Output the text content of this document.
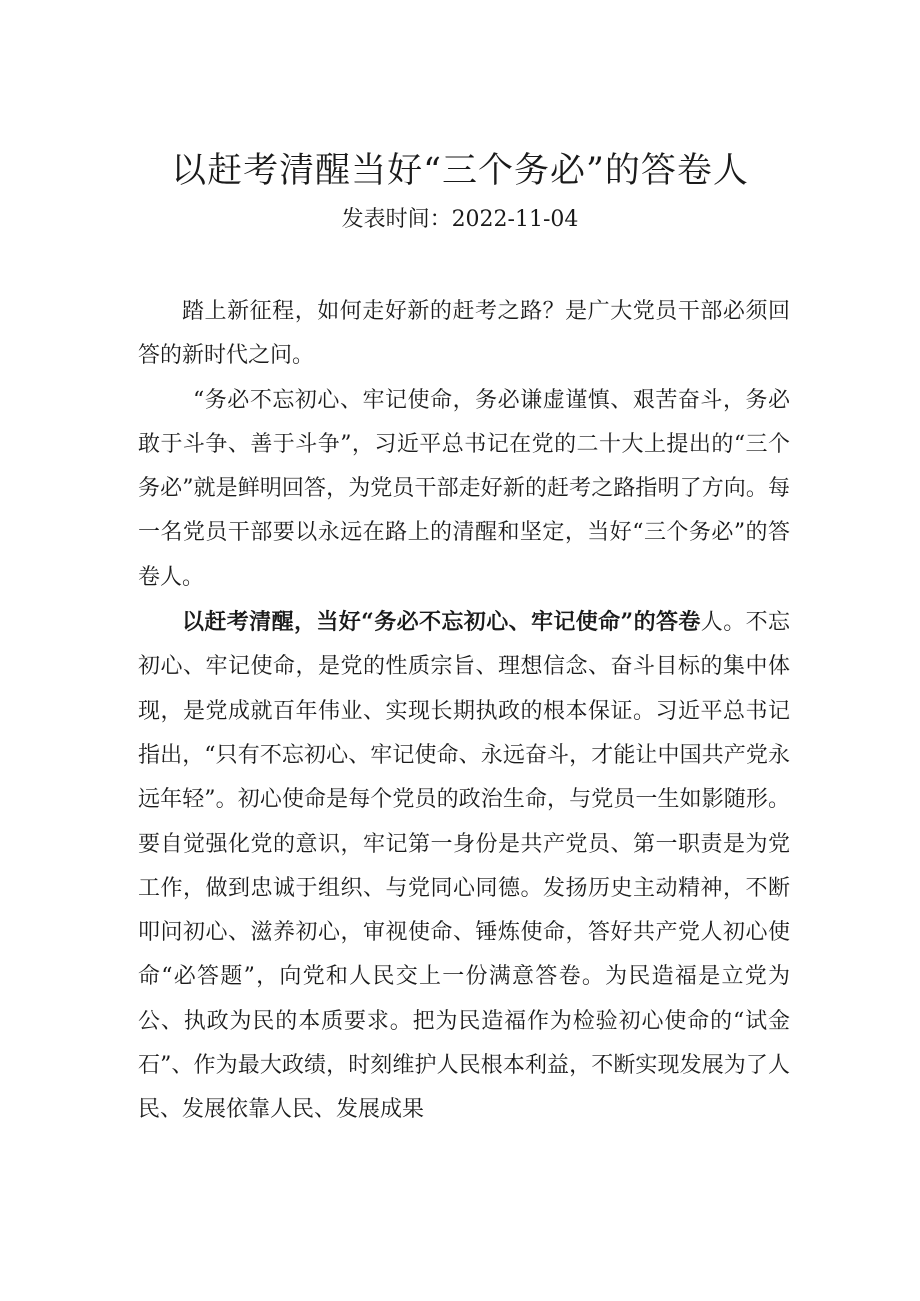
以赶考清醒当好“三个务必”的答卷人

发表时间：2022-11-04

踏上新征程，如何走好新的赶考之路？是广大党员干部必须回答的新时代之问。

“务必不忘初心、牢记使命，务必谦虚谨慎、艰苦奋斗，务必敢于斗争、善于斗争”，习近平总书记在党的二十大上提出的“三个务必”就是鲜明回答，为党员干部走好新的赶考之路指明了方向。每一名党员干部要以永远在路上的清醒和坚定，当好“三个务必”的答卷人。

以赶考清醒，当好“务必不忘初心、牢记使命”的答卷人。不忘初心、牢记使命，是党的性质宗旨、理想信念、奋斗目标的集中体现，是党成就百年伟业、实现长期执政的根本保证。习近平总书记指出，“只有不忘初心、牢记使命、永远奋斗，才能让中国共产党永远年轻”。初心使命是每个党员的政治生命，与党员一生如影随形。要自觉强化党的意识，牢记第一身份是共产党员、第一职责是为党工作，做到忠诚于组织、与党同心同德。发扬历史主动精神，不断叩问初心、滋养初心，审视使命、锤炼使命，答好共产党人初心使命“必答题”，向党和人民交上一份满意答卷。为民造福是立党为公、执政为民的本质要求。把为民造福作为检验初心使命的“试金石”、作为最大政绩，时刻维护人民根本利益，不断实现发展为了人民、发展依靠人民、发展成果
